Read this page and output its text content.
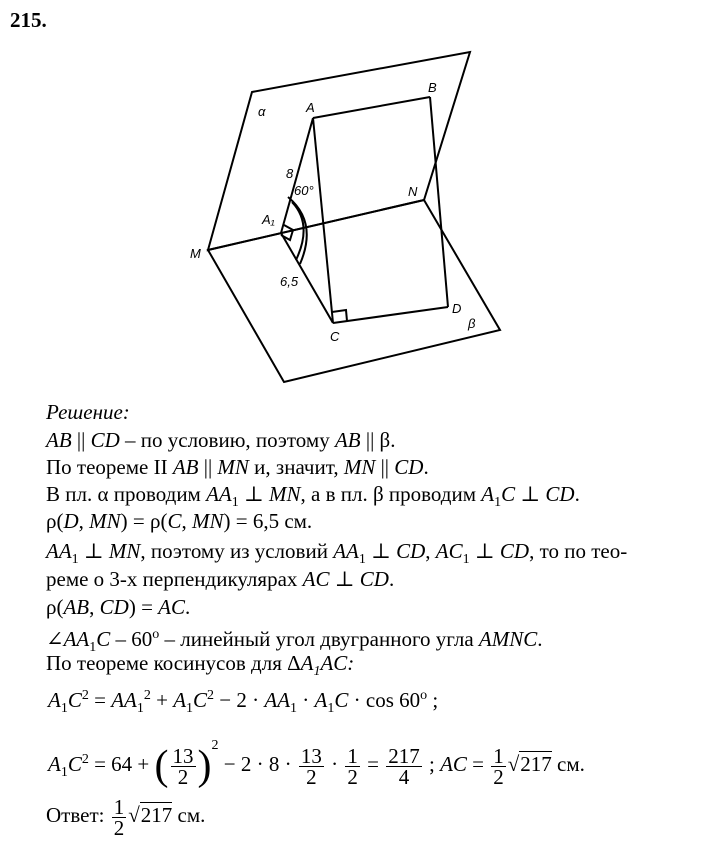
215.
α	A
B
8
60°	N
A₁
M
6,5
D
β
C
Решение:
AB || CD – по условию, поэтому AB || β.
По теореме II AB || MN и, значит, MN || CD.
В пл. α проводим $AA_1$ ⊥ MN, а в пл. β проводим $A_1C$ ⊥ CD.
ρ(D, MN) = ρ(C, MN) = 6,5 см.
$AA_1$ ⊥ MN, поэтому из условий $AA_1$ ⊥ CD, $AC_1$ ⊥ CD, то по тео-
реме о 3-х перпендикулярах AC ⊥ CD.
ρ(AB, CD) = AC.
$\angle AA_1C - 60^o$ – линейный угол двугранного угла AMNC.
По теореме косинусов для $\Delta A_1AC$:
$A_1C^2 = AA_1^2 + A_1C^2 - 2 \cdot AA_1 \cdot A_1C \cdot \cos 60^o$ ;
$A_1C^2 = 64$ + ( $\frac{13}{2} )^2 - 2 \cdot 8 \cdot \frac{13}{2} \cdot \frac{1}{2} = \frac{217}{4}$ ; AC = $\frac{1}{2} √217$ см.
Ответ: $\frac{1}{2} √217$ см.
